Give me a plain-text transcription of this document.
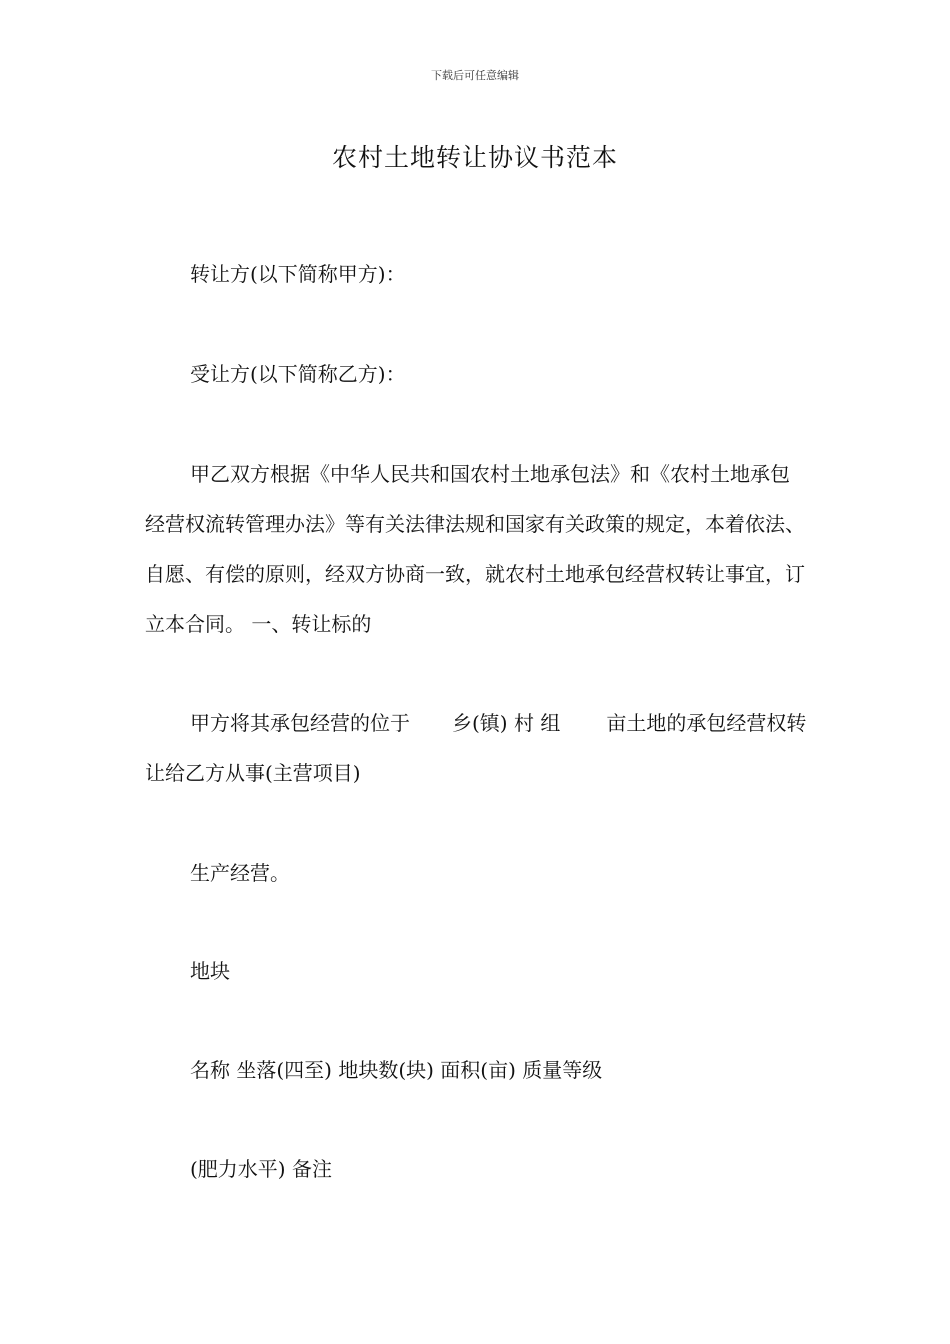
下载后可任意编辑
农村土地转让协议书范本
转让方(以下简称甲方)：
受让方(以下简称乙方)：
甲乙双方根据《中华人民共和国农村土地承包法》和《农村土地承包经营权流转管理办法》等有关法律法规和国家有关政策的规定，本着依法、自愿、有偿的原则，经双方协商一致，就农村土地承包经营权转让事宜，订立本合同。 一、转让标的
甲方将其承包经营的位于 乡(镇) 村 组 亩土地的承包经营权转让给乙方从事(主营项目)
生产经营。
地块
名称 坐落(四至) 地块数(块) 面积(亩) 质量等级
(肥力水平) 备注
